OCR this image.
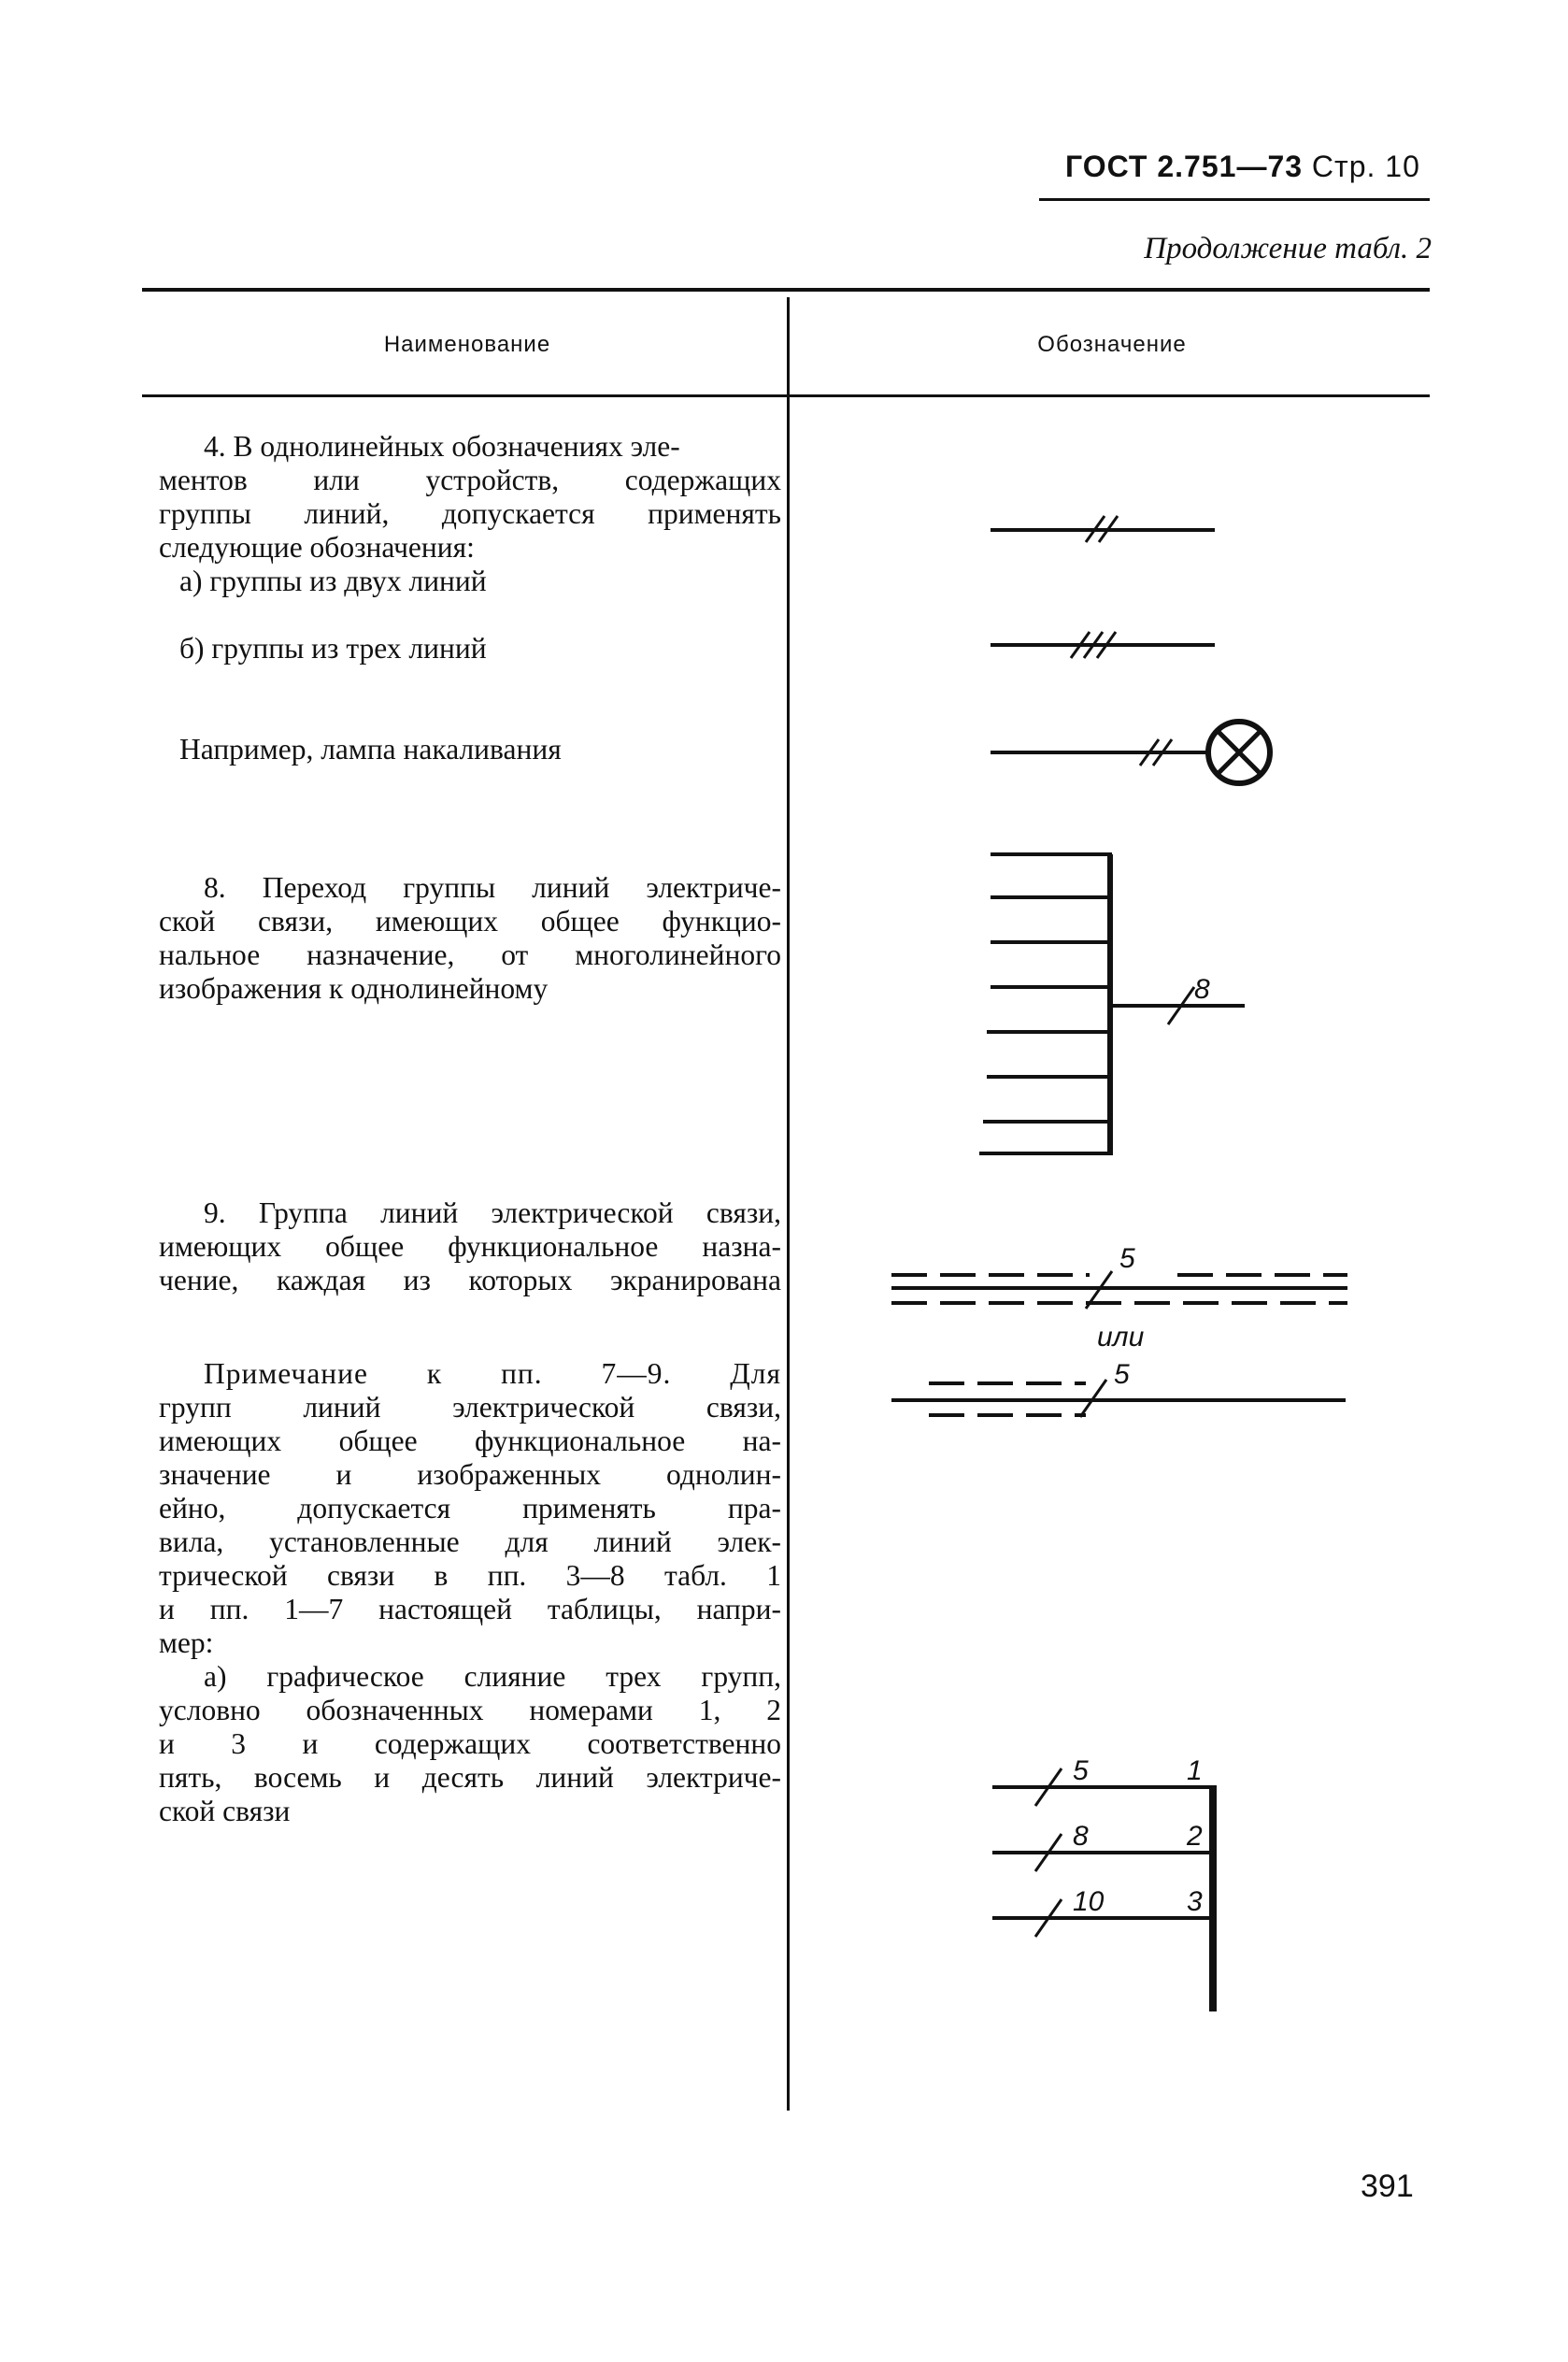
ГОСТ 2.751—73 Стр. 10
Продолжение табл. 2
Наименование	Обозначение
4. В однолинейных обозначениях эле-
ментов или устройств, содержащих
группы линий, допускается применять
следующие обозначения:
а) группы из двух линий
б) группы из трех линий
Например, лампа накаливания
8. Переход группы линий электриче-
ской связи, имеющих общее функцио-
нальное назначение, от многолинейного
изображения к однолинейному	8
9. Группа линий электрической связи,
имеющих общее функциональное назна-
чение, каждая из которых экранирована
5
или
5
Примечание к пп. 7—9. Для
групп линий электрической связи,
имеющих общее функциональное на-
значение и изображенных однолин-
ейно, допускается применять пра-
вила, установленные для линий элек-
трической связи в пп. 3—8 табл. 1
и пп. 1—7 настоящей таблицы, напри-
мер:
а) графическое слияние трех групп,
условно обозначенных номерами 1, 2
и 3 и содержащих соответственно
пять, восемь и десять линий электриче-
ской связи
5
8
10
1
2
3
391
